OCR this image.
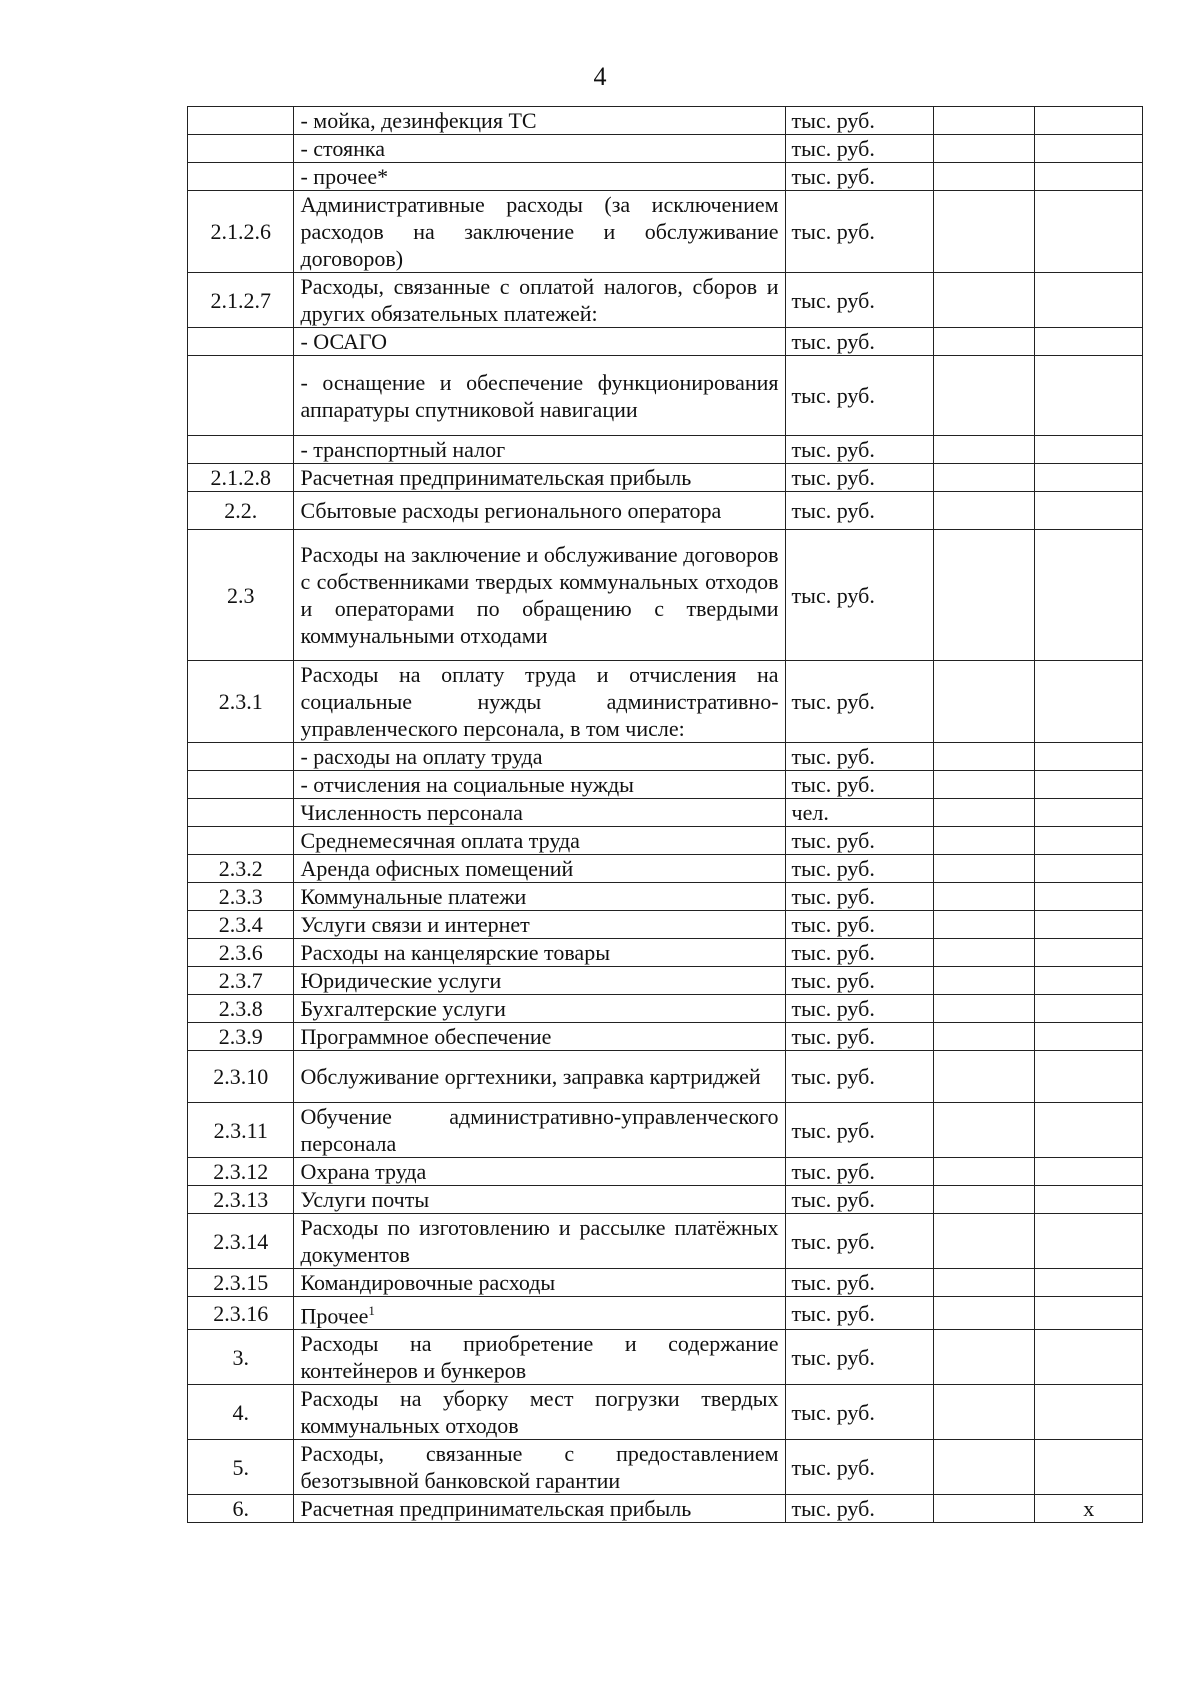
4
	- мойка, дезинфекция ТС	тыс. руб.		
	- стоянка	тыс. руб.		
	- прочее*	тыс. руб.		
2.1.2.6	Административные расходы (за исключением расходов на заключение и обслуживание договоров)	тыс. руб.		
2.1.2.7	Расходы, связанные с оплатой налогов, сборов и других обязательных платежей:	тыс. руб.		
	- ОСАГО	тыс. руб.		
	- оснащение и обеспечение функционирования аппаратуры спутниковой навигации	тыс. руб.		
	- транспортный налог	тыс. руб.		
2.1.2.8	Расчетная предпринимательская прибыль	тыс. руб.		
2.2.	Сбытовые расходы регионального оператора	тыс. руб.		
2.3	Расходы на заключение и обслуживание договоров с собственниками твердых коммунальных отходов и операторами по обращению с твердыми коммунальными отходами	тыс. руб.		
2.3.1	Расходы на оплату труда и отчисления на социальные нужды административно-управленческого персонала, в том числе:	тыс. руб.		
	- расходы на оплату труда	тыс. руб.		
	- отчисления на социальные нужды	тыс. руб.		
	Численность персонала	чел.		
	Среднемесячная оплата труда	тыс. руб.		
2.3.2	Аренда офисных помещений	тыс. руб.		
2.3.3	Коммунальные платежи	тыс. руб.		
2.3.4	Услуги связи и интернет	тыс. руб.		
2.3.6	Расходы на канцелярские товары	тыс. руб.		
2.3.7	Юридические услуги	тыс. руб.		
2.3.8	Бухгалтерские услуги	тыс. руб.		
2.3.9	Программное обеспечение	тыс. руб.		
2.3.10	Обслуживание оргтехники, заправка картриджей	тыс. руб.		
2.3.11	Обучение административно-управленческого персонала	тыс. руб.		
2.3.12	Охрана труда	тыс. руб.		
2.3.13	Услуги почты	тыс. руб.		
2.3.14	Расходы по изготовлению и рассылке платёжных документов	тыс. руб.		
2.3.15	Командировочные расходы	тыс. руб.		
2.3.16	Прочее$^1$	тыс. руб.		
3.	Расходы на приобретение и содержание контейнеров и бункеров	тыс. руб.		
4.	Расходы на уборку мест погрузки твердых коммунальных отходов	тыс. руб.		
5.	Расходы, связанные с предоставлением безотзывной банковской гарантии	тыс. руб.		
6.	Расчетная предпринимательская прибыль	тыс. руб.		x
